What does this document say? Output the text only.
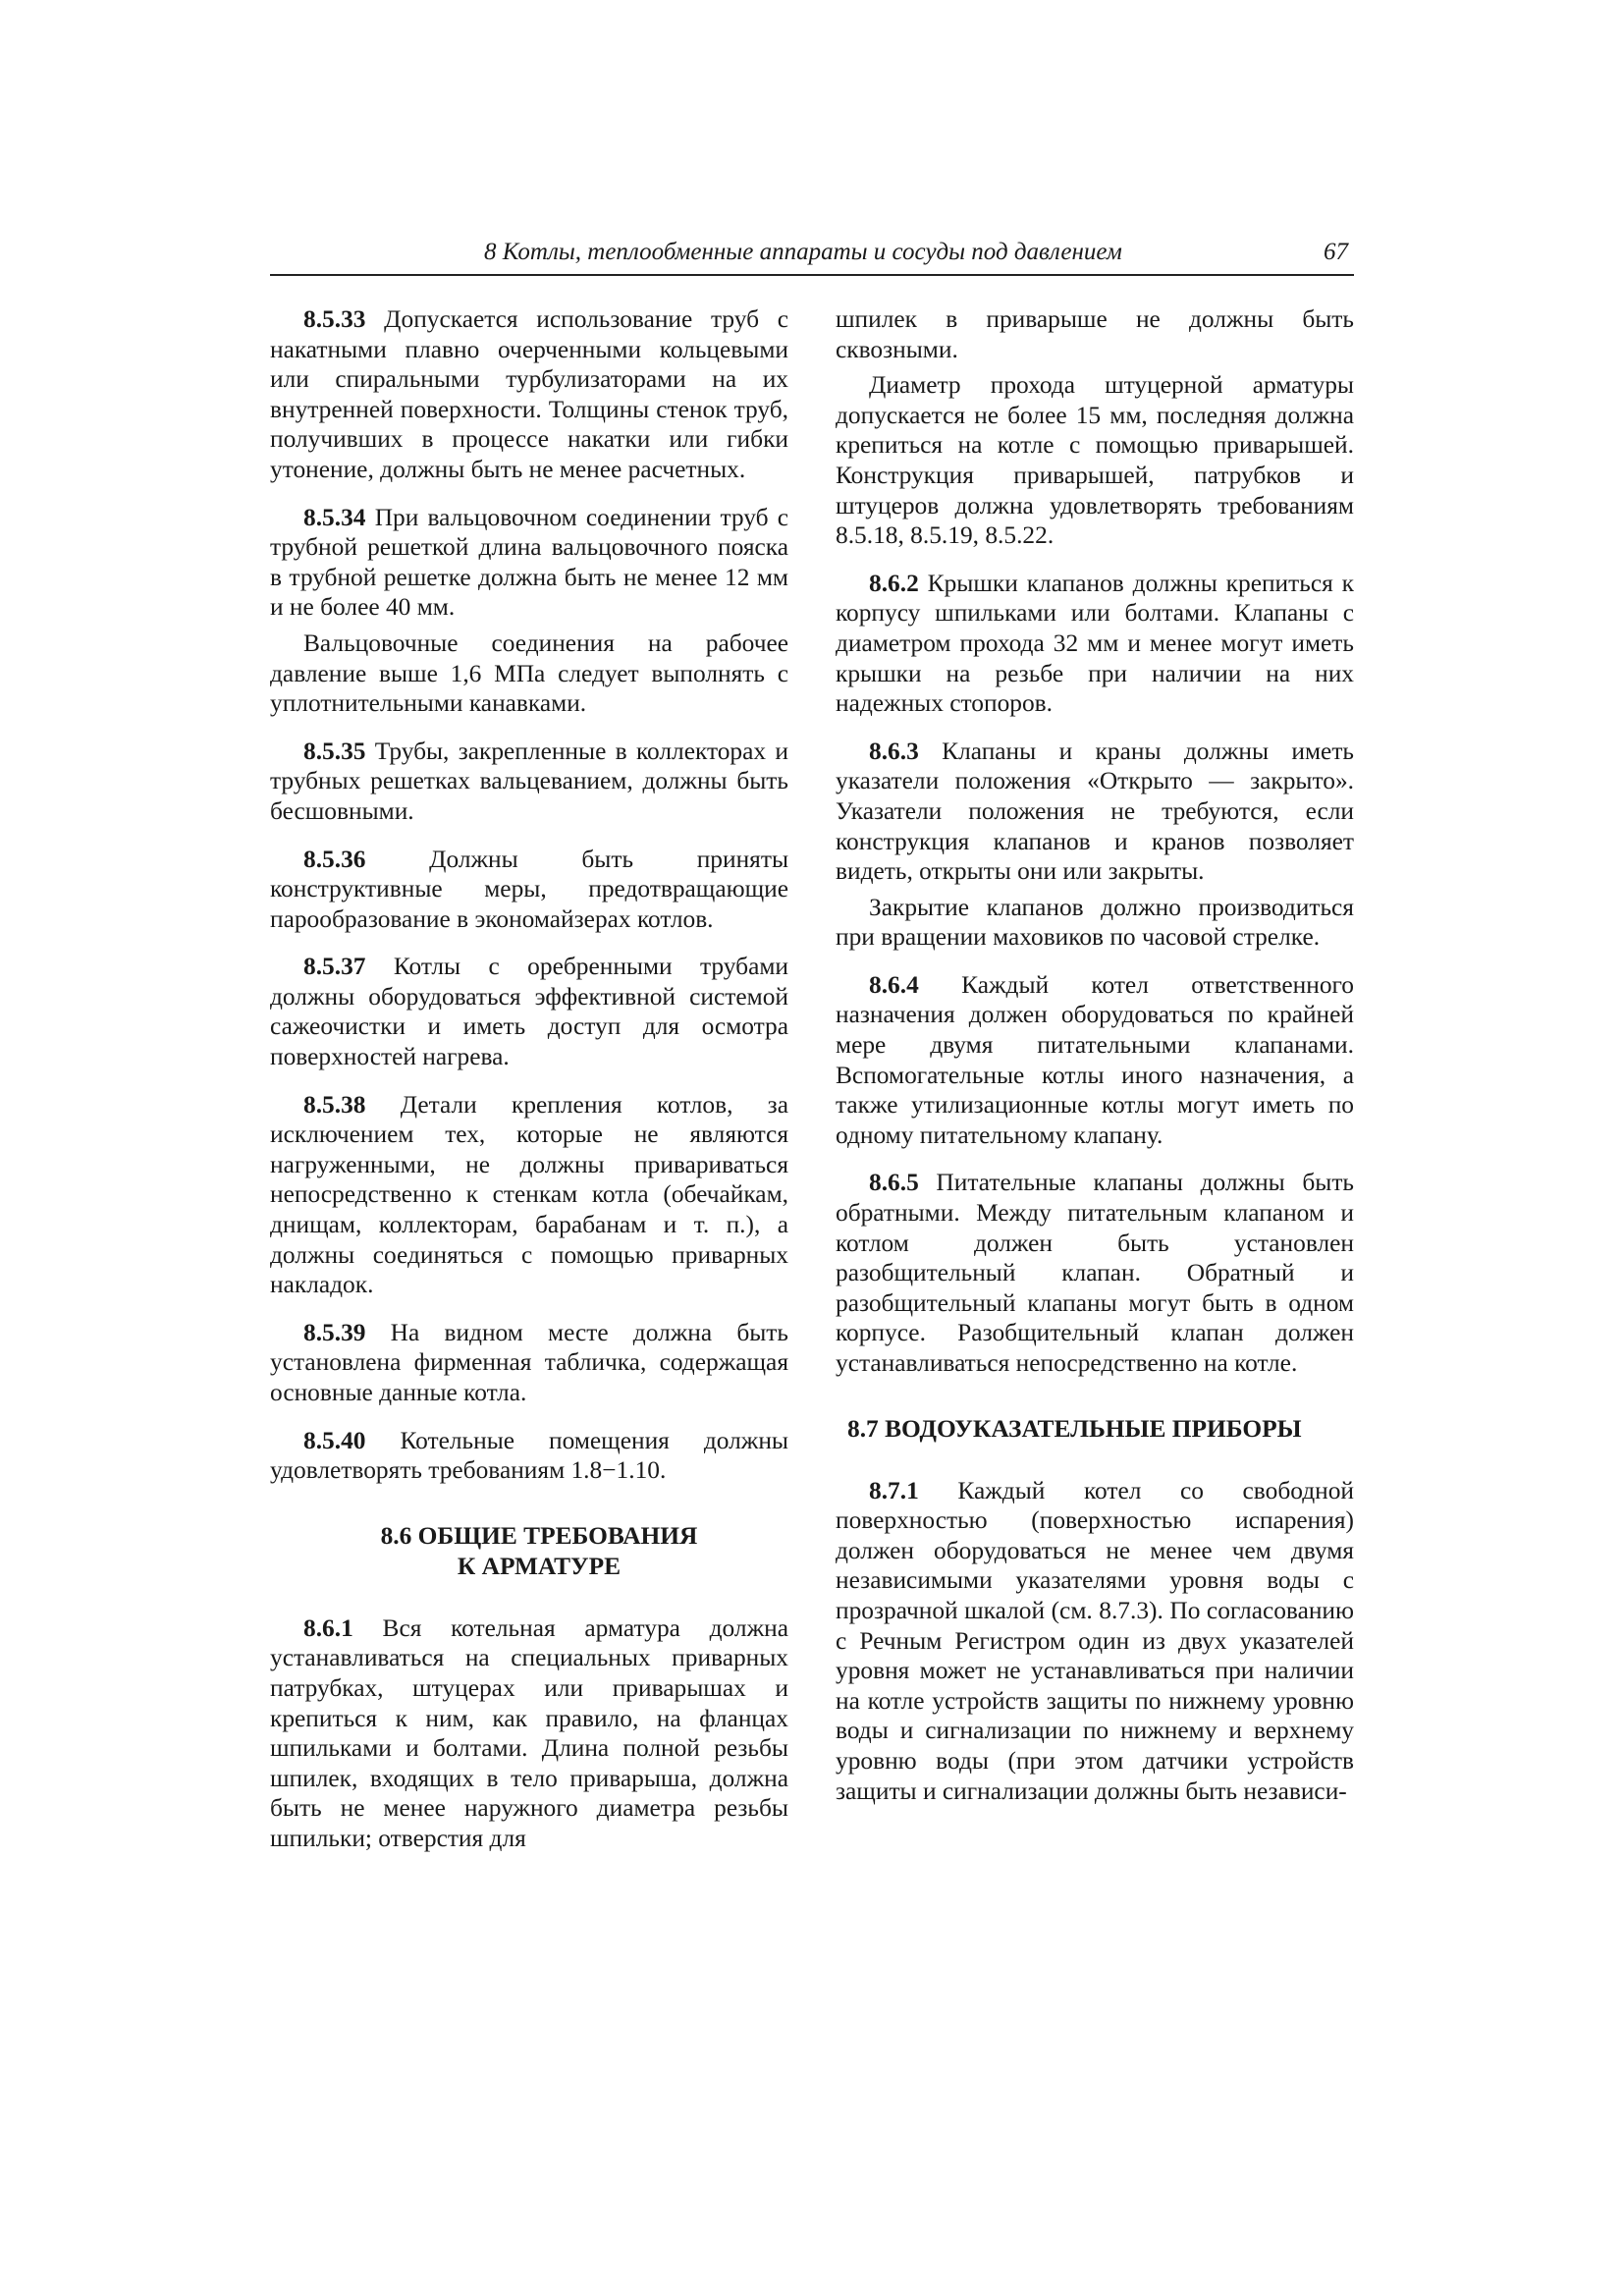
8 Котлы, теплообменные аппараты и сосуды под давлением	67

8.5.33 Допускается использование труб с накатными плавно очерченными кольцевыми или спиральными турбулизаторами на их внутренней поверхности. Толщины стенок труб, получивших в процессе накатки или гибки утонение, должны быть не менее расчетных.

8.5.34 При вальцовочном соединении труб с трубной решеткой длина вальцовочного пояска в трубной решетке должна быть не менее 12 мм и не более 40 мм.

Вальцовочные соединения на рабочее давление выше 1,6 МПа следует выполнять с уплотнительными канавками.

8.5.35 Трубы, закрепленные в коллекторах и трубных решетках вальцеванием, должны быть бесшовными.

8.5.36 Должны быть приняты конструктивные меры, предотвращающие парообразование в экономайзерах котлов.

8.5.37 Котлы с оребренными трубами должны оборудоваться эффективной системой сажеочистки и иметь доступ для осмотра поверхностей нагрева.

8.5.38 Детали крепления котлов, за исключением тех, которые не являются нагруженными, не должны привариваться непосредственно к стенкам котла (обечайкам, днищам, коллекторам, барабанам и т. п.), а должны соединяться с помощью приварных накладок.

8.5.39 На видном месте должна быть установлена фирменная табличка, содержащая основные данные котла.

8.5.40 Котельные помещения должны удовлетворять требованиям 1.8−1.10.

8.6 ОБЩИЕ ТРЕБОВАНИЯ
К АРМАТУРЕ

8.6.1 Вся котельная арматура должна устанавливаться на специальных приварных патрубках, штуцерах или приварышах и крепиться к ним, как правило, на фланцах шпильками и болтами. Длина полной резьбы шпилек, входящих в тело приварыша, должна быть не менее наружного диаметра резьбы шпильки; отверстия для

шпилек в приварыше не должны быть сквозными.

Диаметр прохода штуцерной арматуры допускается не более 15 мм, последняя должна крепиться на котле с помощью приварышей. Конструкция приварышей, патрубков и штуцеров должна удовлетворять требованиям 8.5.18, 8.5.19, 8.5.22.

8.6.2 Крышки клапанов должны крепиться к корпусу шпильками или болтами. Клапаны с диаметром прохода 32 мм и менее могут иметь крышки на резьбе при наличии на них надежных стопоров.

8.6.3 Клапаны и краны должны иметь указатели положения «Открыто — закрыто». Указатели положения не требуются, если конструкция клапанов и кранов позволяет видеть, открыты они или закрыты.

Закрытие клапанов должно производиться при вращении маховиков по часовой стрелке.

8.6.4 Каждый котел ответственного назначения должен оборудоваться по крайней мере двумя питательными клапанами. Вспомогательные котлы иного назначения, а также утилизационные котлы могут иметь по одному питательному клапану.

8.6.5 Питательные клапаны должны быть обратными. Между питательным клапаном и котлом должен быть установлен разобщительный клапан. Обратный и разобщительный клапаны могут быть в одном корпусе. Разобщительный клапан должен устанавливаться непосредственно на котле.

8.7 ВОДОУКАЗАТЕЛЬНЫЕ ПРИБОРЫ

8.7.1 Каждый котел со свободной поверхностью (поверхностью испарения) должен оборудоваться не менее чем двумя независимыми указателями уровня воды с прозрачной шкалой (см. 8.7.3). По согласованию с Речным Регистром один из двух указателей уровня может не устанавливаться при наличии на котле устройств защиты по нижнему уровню воды и сигнализации по нижнему и верхнему уровню воды (при этом датчики устройств защиты и сигнализации должны быть независи-
